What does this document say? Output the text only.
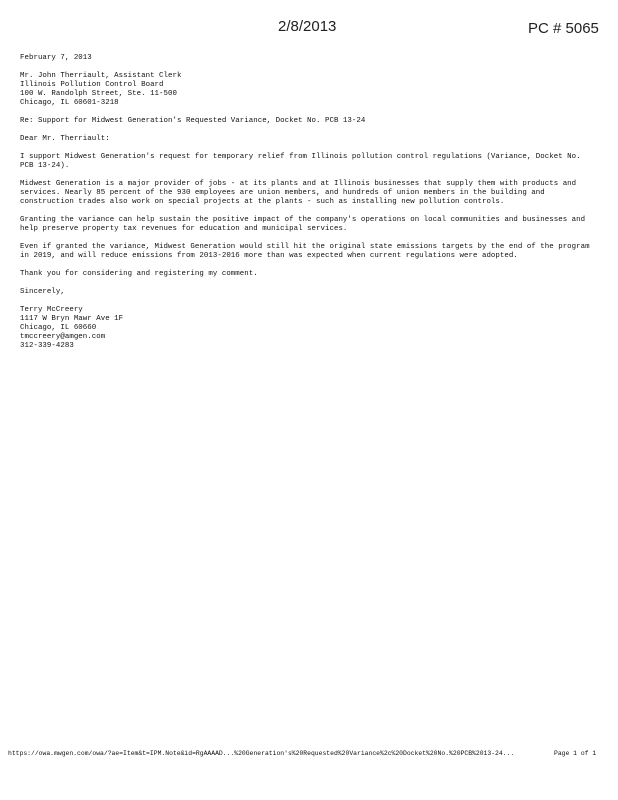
2/8/2013	PC # 5065

February 7, 2013

Mr. John Therriault, Assistant Clerk
Illinois Pollution Control Board
100 W. Randolph Street, Ste. 11-500
Chicago, IL 60601-3218

Re: Support for Midwest Generation's Requested Variance, Docket No. PCB 13-24

Dear Mr. Therriault:

I support Midwest Generation's request for temporary relief from Illinois pollution control regulations (Variance, Docket No. PCB 13-24).

Midwest Generation is a major provider of jobs - at its plants and at Illinois businesses that supply them with products and services. Nearly 85 percent of the 930 employees are union members, and hundreds of union members in the building and construction trades also work on special projects at the plants - such as installing new pollution controls.

Granting the variance can help sustain the positive impact of the company's operations on local communities and businesses and help preserve property tax revenues for education and municipal services.

Even if granted the variance, Midwest Generation would still hit the original state emissions targets by the end of the program in 2019, and will reduce emissions from 2013-2016 more than was expected when current regulations were adopted.

Thank you for considering and registering my comment.

Sincerely,

Terry McCreery
1117 W Bryn Mawr Ave 1F
Chicago, IL 60660
tmccreery@amgen.com
312-339-4283

https://owa.mwgen.com/owa/?ae=Item&t=IPM.Note&id=RgAAAAD...%20Generation's%20Requested%20Variance%2c%20Docket%20No.%20PCB%2013-24...	Page 1 of 1
